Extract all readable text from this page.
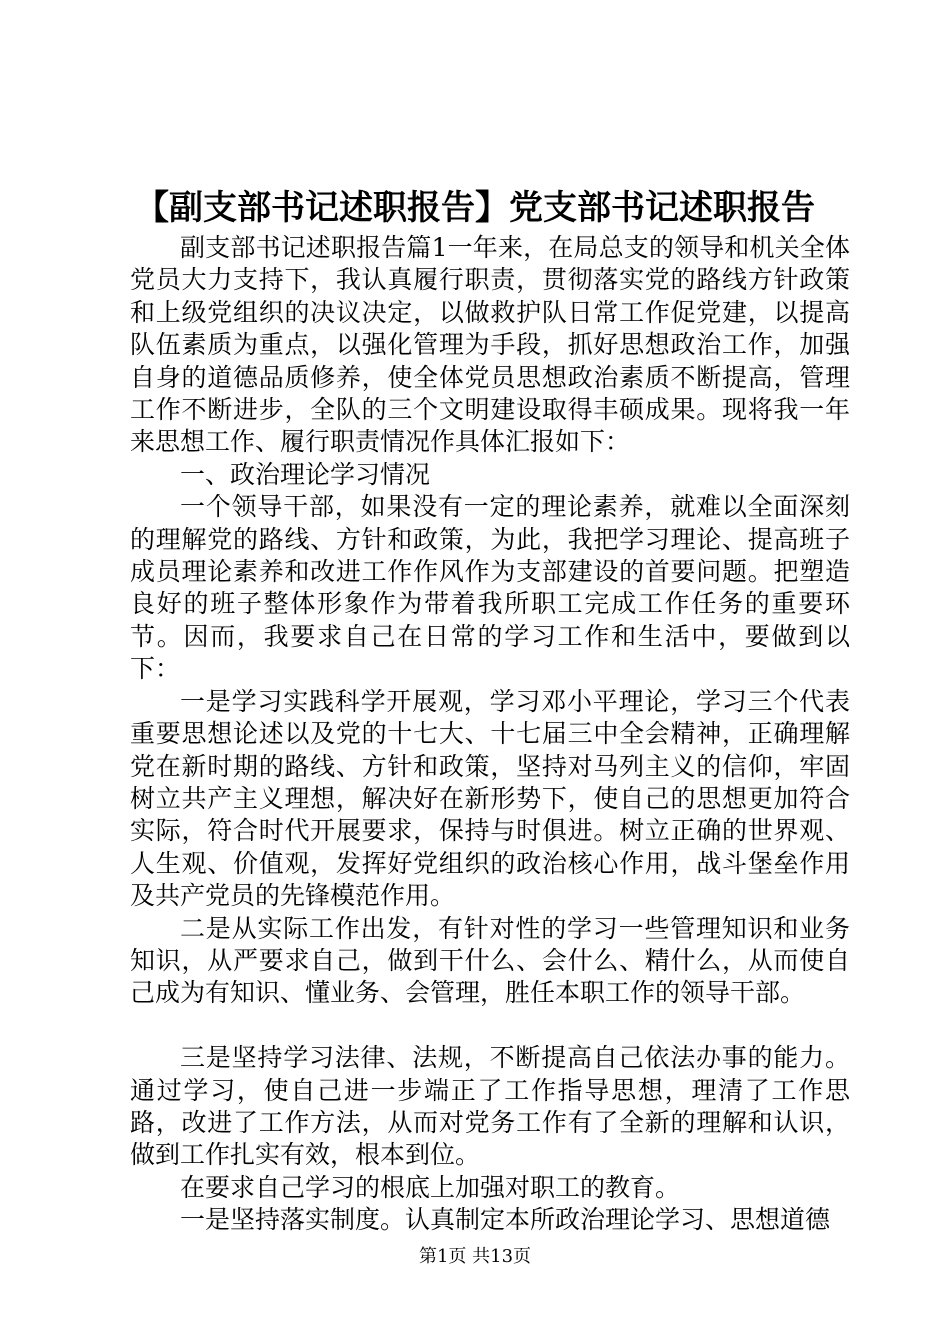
【副支部书记述职报告】党支部书记述职报告

副支部书记述职报告篇1一年来，在局总支的领导和机关全体党员大力支持下，我认真履行职责，贯彻落实党的路线方针政策和上级党组织的决议决定，以做救护队日常工作促党建，以提高队伍素质为重点，以强化管理为手段，抓好思想政治工作，加强自身的道德品质修养，使全体党员思想政治素质不断提高，管理工作不断进步，全队的三个文明建设取得丰硕成果。现将我一年来思想工作、履行职责情况作具体汇报如下：

一、政治理论学习情况

一个领导干部，如果没有一定的理论素养，就难以全面深刻的理解党的路线、方针和政策，为此，我把学习理论、提高班子成员理论素养和改进工作作风作为支部建设的首要问题。把塑造良好的班子整体形象作为带着我所职工完成工作任务的重要环节。因而，我要求自己在日常的学习工作和生活中，要做到以下：

一是学习实践科学开展观，学习邓小平理论，学习三个代表重要思想论述以及党的十七大、十七届三中全会精神，正确理解党在新时期的路线、方针和政策，坚持对马列主义的信仰，牢固树立共产主义理想，解决好在新形势下，使自己的思想更加符合实际，符合时代开展要求，保持与时俱进。树立正确的世界观、人生观、价值观，发挥好党组织的政治核心作用，战斗堡垒作用及共产党员的先锋模范作用。

二是从实际工作出发，有针对性的学习一些管理知识和业务知识，从严要求自己，做到干什么、会什么、精什么，从而使自己成为有知识、懂业务、会管理，胜任本职工作的领导干部。

三是坚持学习法律、法规，不断提高自己依法办事的能力。通过学习，使自己进一步端正了工作指导思想，理清了工作思路，改进了工作方法，从而对党务工作有了全新的理解和认识，做到工作扎实有效，根本到位。

在要求自己学习的根底上加强对职工的教育。

一是坚持落实制度。认真制定本所政治理论学习、思想道德

第1页 共13页
